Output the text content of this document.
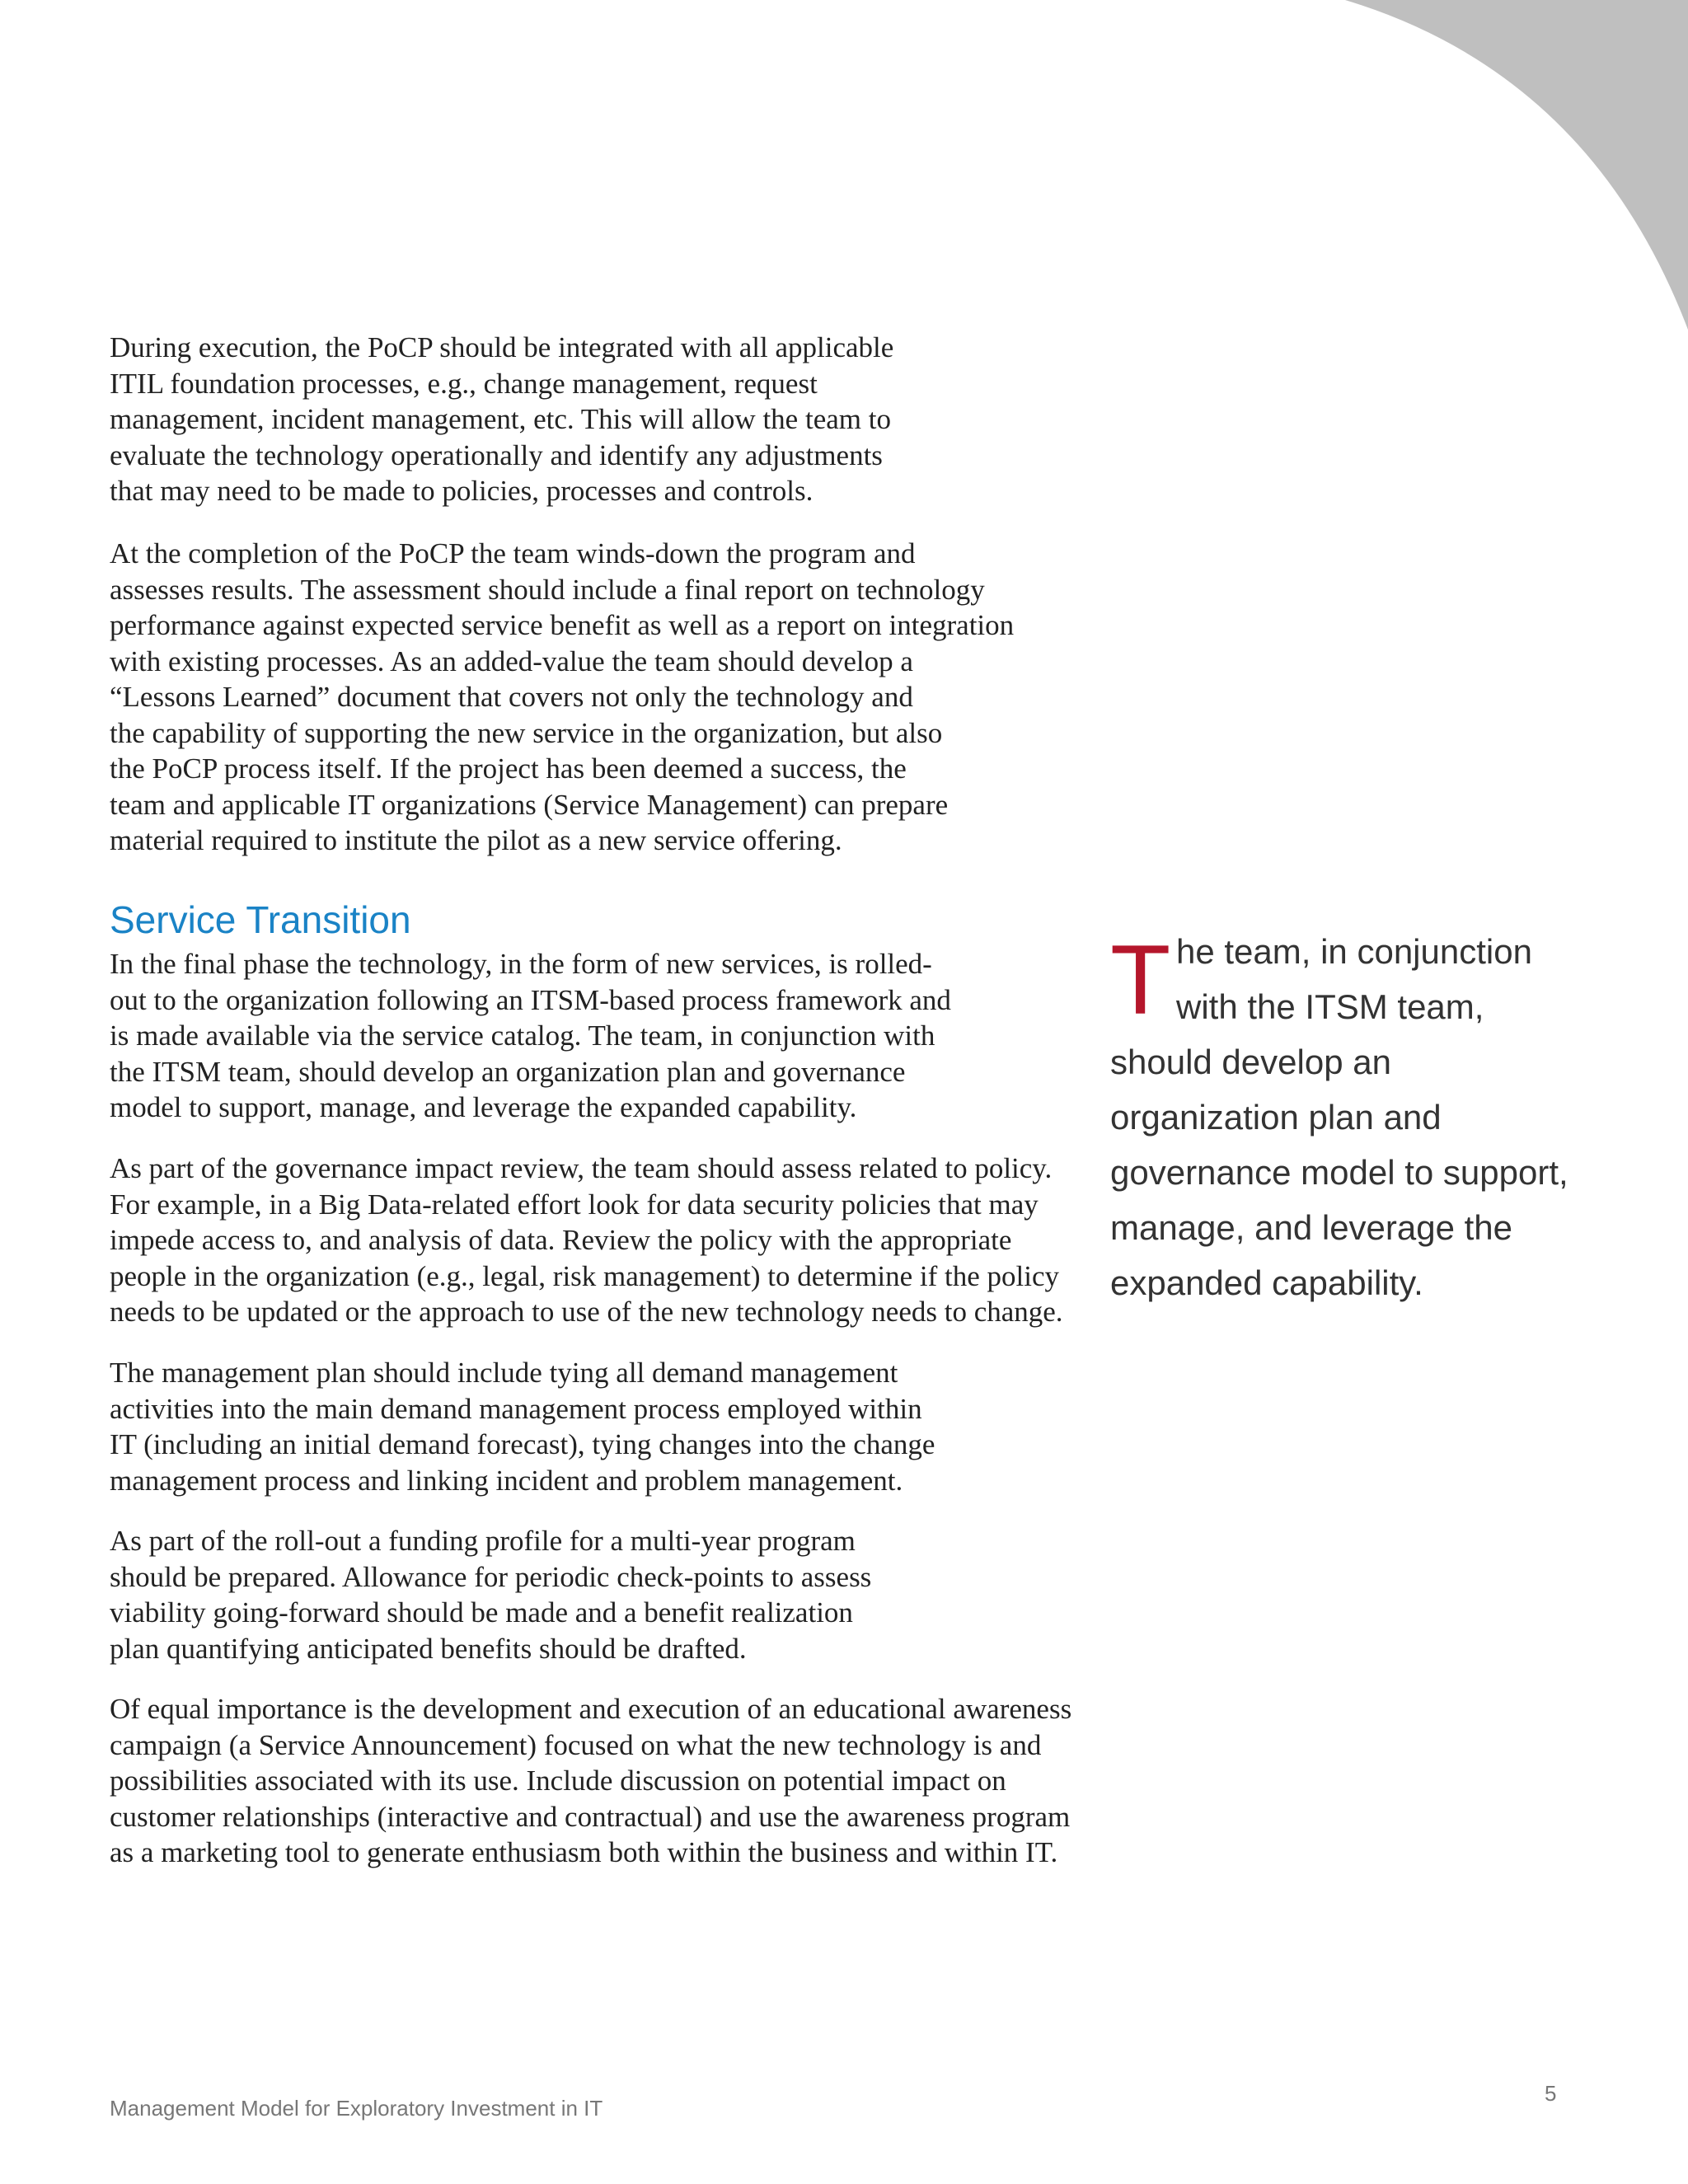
During execution, the PoCP should be integrated with all applicable
ITIL foundation processes, e.g., change management, request
management, incident management, etc. This will allow the team to
evaluate the technology operationally and identify any adjustments
that may need to be made to policies, processes and controls.
At the completion of the PoCP the team winds-down the program and
assesses results. The assessment should include a final report on technology
performance against expected service benefit as well as a report on integration
with existing processes. As an added-value the team should develop a
“Lessons Learned” document that covers not only the technology and
the capability of supporting the new service in the organization, but also
the PoCP process itself. If the project has been deemed a success, the
team and applicable IT organizations (Service Management) can prepare
material required to institute the pilot as a new service offering.
Service Transition
In the final phase the technology, in the form of new services, is rolled-
out to the organization following an ITSM-based process framework and
is made available via the service catalog. The team, in conjunction with
the ITSM team, should develop an organization plan and governance
model to support, manage, and leverage the expanded capability.
As part of the governance impact review, the team should assess related to policy.
For example, in a Big Data-related effort look for data security policies that may
impede access to, and analysis of data. Review the policy with the appropriate
people in the organization (e.g., legal, risk management) to determine if the policy
needs to be updated or the approach to use of the new technology needs to change.
The management plan should include tying all demand management
activities into the main demand management process employed within
IT (including an initial demand forecast), tying changes into the change
management process and linking incident and problem management.
As part of the roll-out a funding profile for a multi-year program
should be prepared. Allowance for periodic check-points to assess
viability going-forward should be made and a benefit realization
plan quantifying anticipated benefits should be drafted.
Of equal importance is the development and execution of an educational awareness
campaign (a Service Announcement) focused on what the new technology is and
possibilities associated with its use. Include discussion on potential impact on
customer relationships (interactive and contractual) and use the awareness program
as a marketing tool to generate enthusiasm both within the business and within IT.
T he team, in conjunction
with the ITSM team,
should develop an
organization plan and
governance model to support,
manage, and leverage the
expanded capability.
Management Model for Exploratory Investment in IT
5
